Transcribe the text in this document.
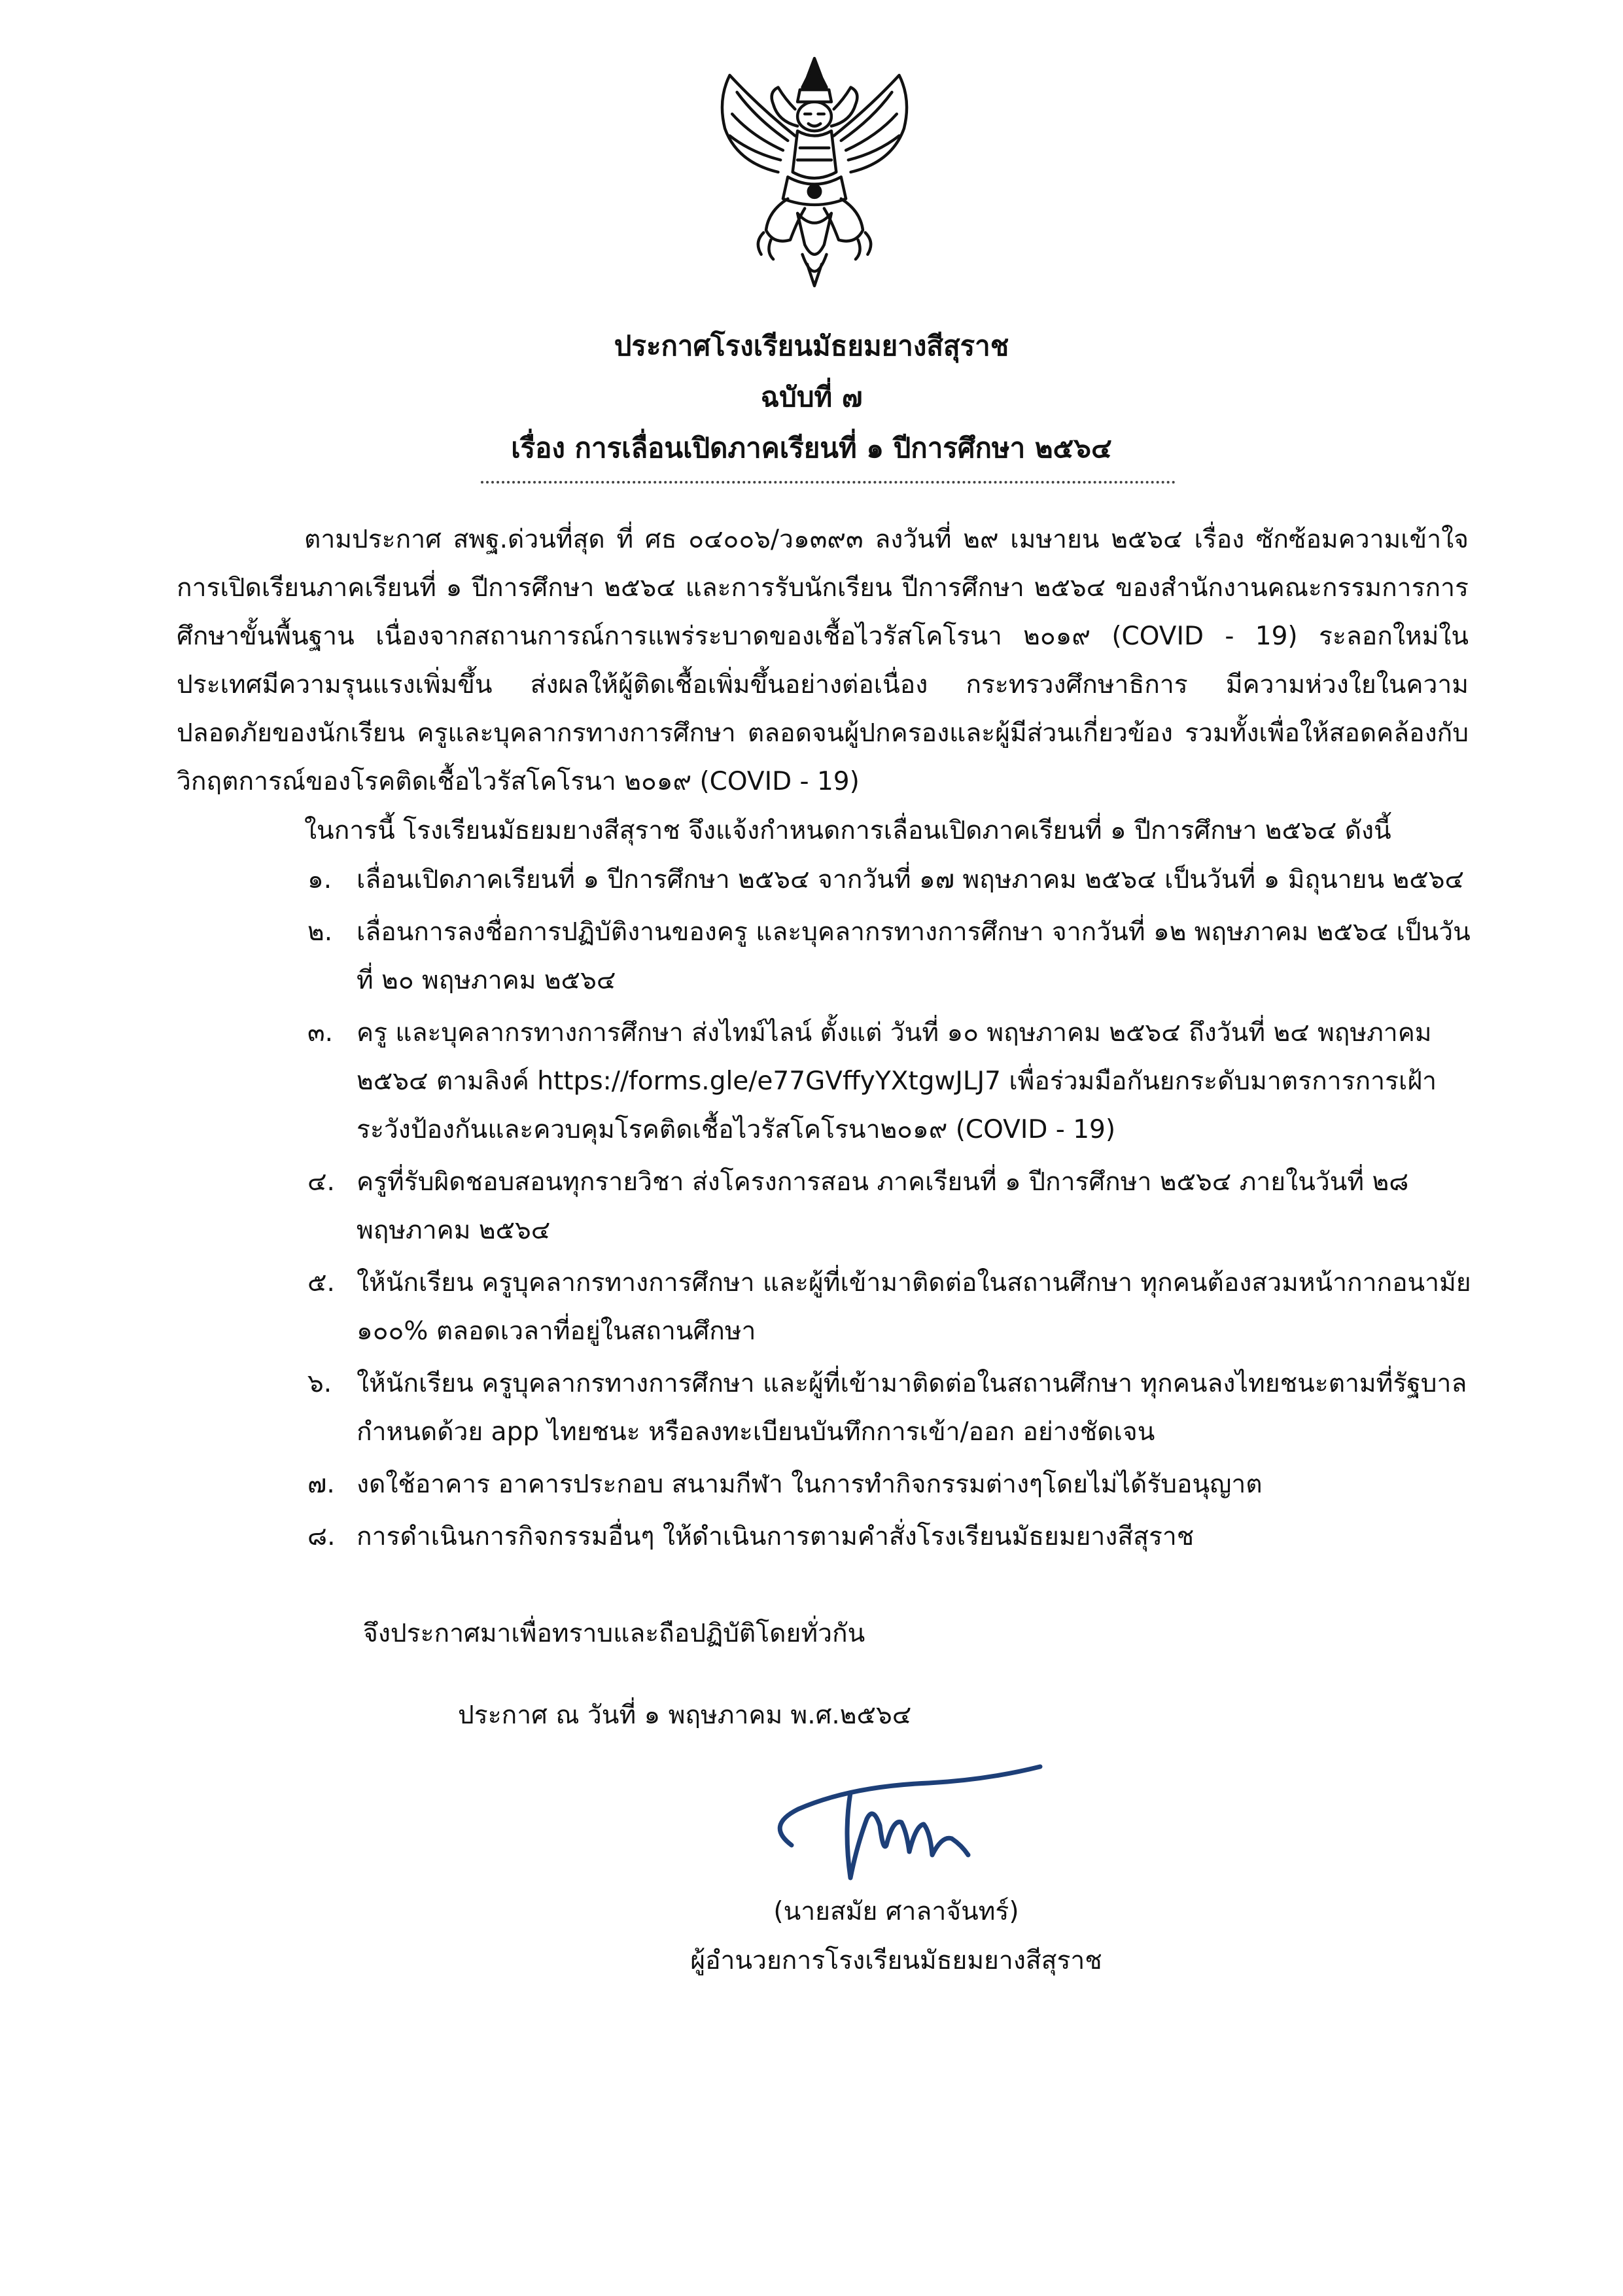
ประกาศโรงเรียนมัธยมยางสีสุราช
ฉบับที่ ๗
เรื่อง การเลื่อนเปิดภาคเรียนที่ ๑ ปีการศึกษา ๒๕๖๔

ตามประกาศ สพฐ.ด่วนที่สุด ที่ ศธ ๐๔๐๐๖/ว๑๓๙๓ ลงวันที่ ๒๙ เมษายน ๒๕๖๔ เรื่อง ซักซ้อมความเข้าใจการเปิดเรียนภาคเรียนที่ ๑ ปีการศึกษา ๒๕๖๔ และการรับนักเรียน ปีการศึกษา ๒๕๖๔ ของสำนักงานคณะกรรมการการศึกษาขั้นพื้นฐาน เนื่องจากสถานการณ์การแพร่ระบาดของเชื้อไวรัสโคโรนา ๒๐๑๙ (COVID - 19) ระลอกใหม่ในประเทศมีความรุนแรงเพิ่มขึ้น ส่งผลให้ผู้ติดเชื้อเพิ่มขึ้นอย่างต่อเนื่อง กระทรวงศึกษาธิการ มีความห่วงใยในความปลอดภัยของนักเรียน ครูและบุคลากรทางการศึกษา ตลอดจนผู้ปกครองและผู้มีส่วนเกี่ยวข้อง รวมทั้งเพื่อให้สอดคล้องกับวิกฤตการณ์ของโรคติดเชื้อไวรัสโคโรนา ๒๐๑๙ (COVID - 19)

ในการนี้ โรงเรียนมัธยมยางสีสุราช จึงแจ้งกำหนดการเลื่อนเปิดภาคเรียนที่ ๑ ปีการศึกษา ๒๕๖๔ ดังนี้

๑. เลื่อนเปิดภาคเรียนที่ ๑ ปีการศึกษา ๒๕๖๔ จากวันที่ ๑๗ พฤษภาคม ๒๕๖๔ เป็นวันที่ ๑ มิถุนายน ๒๕๖๔
๒. เลื่อนการลงชื่อการปฏิบัติงานของครู และบุคลากรทางการศึกษา จากวันที่ ๑๒ พฤษภาคม ๒๕๖๔ เป็นวันที่ ๒๐ พฤษภาคม ๒๕๖๔
๓. ครู และบุคลากรทางการศึกษา ส่งไทม์ไลน์ ตั้งแต่ วันที่ ๑๐ พฤษภาคม ๒๕๖๔ ถึงวันที่ ๒๔ พฤษภาคม ๒๕๖๔ ตามลิงค์ https://forms.gle/e77GVffyYXtgwJLJ7 เพื่อร่วมมือกันยกระดับมาตรการการเฝ้าระวังป้องกันและควบคุมโรคติดเชื้อไวรัสโคโรนา๒๐๑๙ (COVID - 19)
๔. ครูที่รับผิดชอบสอนทุกรายวิชา ส่งโครงการสอน ภาคเรียนที่ ๑ ปีการศึกษา ๒๕๖๔ ภายในวันที่ ๒๘ พฤษภาคม ๒๕๖๔
๕. ให้นักเรียน ครูบุคลากรทางการศึกษา และผู้ที่เข้ามาติดต่อในสถานศึกษา ทุกคนต้องสวมหน้ากากอนามัย ๑๐๐% ตลอดเวลาที่อยู่ในสถานศึกษา
๖. ให้นักเรียน ครูบุคลากรทางการศึกษา และผู้ที่เข้ามาติดต่อในสถานศึกษา ทุกคนลงไทยชนะตามที่รัฐบาลกำหนดด้วย app ไทยชนะ หรือลงทะเบียนบันทึกการเข้า/ออก อย่างชัดเจน
๗. งดใช้อาคาร อาคารประกอบ สนามกีฬา ในการทำกิจกรรมต่างๆโดยไม่ได้รับอนุญาต
๘. การดำเนินการกิจกรรมอื่นๆ ให้ดำเนินการตามคำสั่งโรงเรียนมัธยมยางสีสุราช
จึงประกาศมาเพื่อทราบและถือปฏิบัติโดยทั่วกัน
ประกาศ ณ วันที่ ๑ พฤษภาคม พ.ศ.๒๕๖๔
(นายสมัย ศาลาจันทร์)
ผู้อำนวยการโรงเรียนมัธยมยางสีสุราช
